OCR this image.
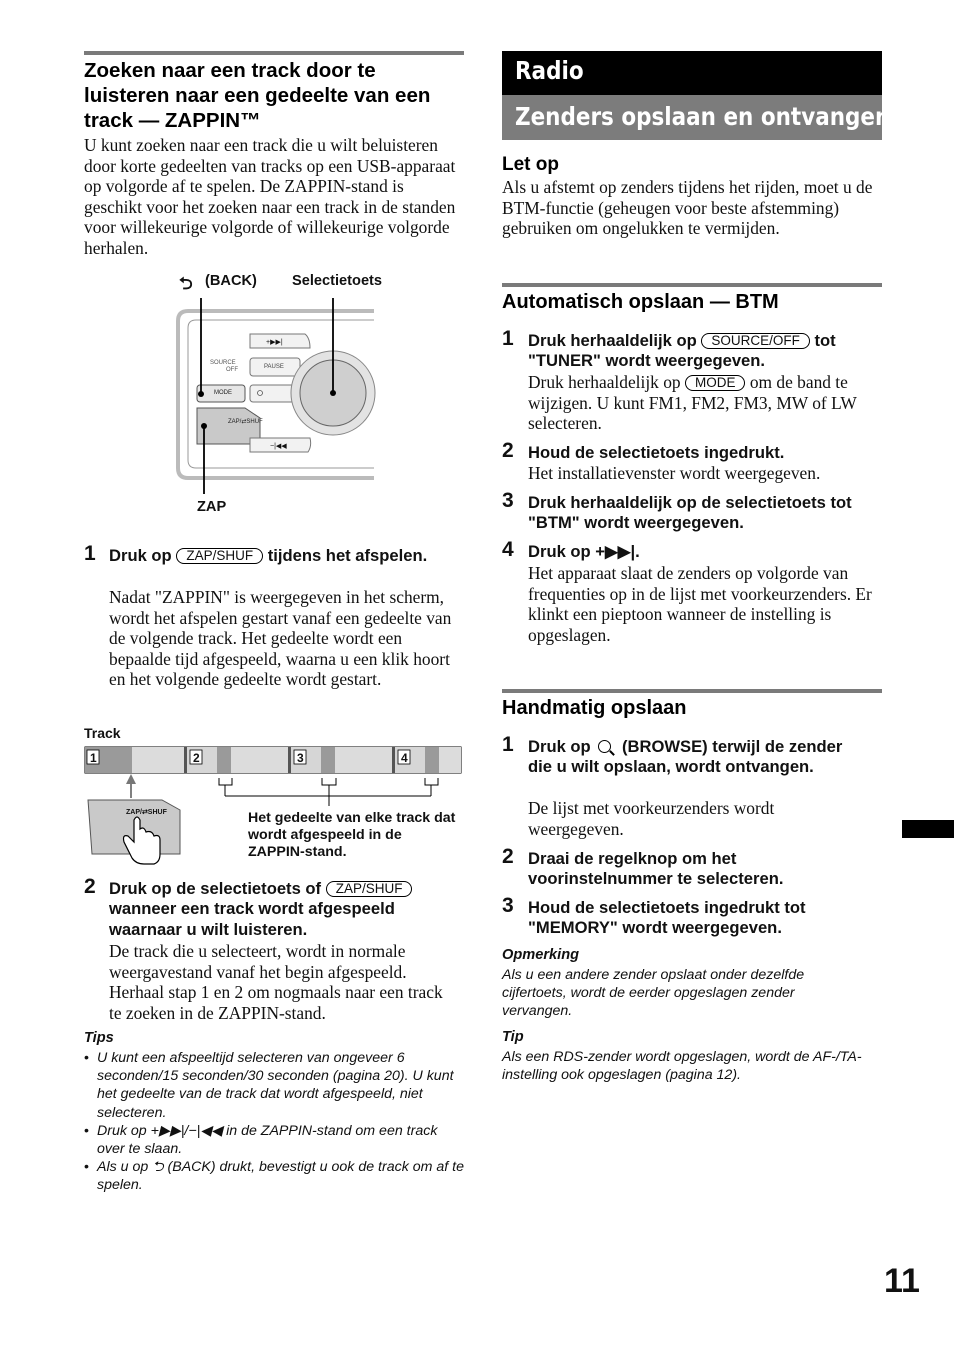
Zoeken naar een track door te luisteren naar een gedeelte van een track — ZAPPIN™

U kunt zoeken naar een track die u wilt beluisteren door korte gedeelten van tracks op een USB-apparaat op volgorde af te spelen. De ZAPPIN-stand is geschikt voor het zoeken naar een track in de standen voor willekeurige volgorde of willekeurige volgorde herhalen.

+▶▶|
SOURCE
OFF	PAUSE
MODE
ZAP/⇄SHUF
−|◀◀
⮌ (BACK) Selectietoets
ZAP
1 Druk op ZAP/SHUF tijdens het afspelen.

Nadat "ZAPPIN" is weergegeven in het scherm, wordt het afspelen gestart vanaf een gedeelte van de volgende track. Het gedeelte wordt een bepaalde tijd afgespeeld, waarna u een klik hoort en het volgende gedeelte wordt gestart.

Track
1	2	3	4
ZAP/⇄SHUF	Het gedeelte van elke track dat wordt afgespeeld in de ZAPPIN-stand.

2 Druk op de selectietoets of ZAP/SHUF wanneer een track wordt afgespeeld waarnaar u wilt luisteren.

De track die u selecteert, wordt in normale weergavestand vanaf het begin afgespeeld. Herhaal stap 1 en 2 om nogmaals naar een track te zoeken in de ZAPPIN-stand.

Tips
• U kunt een afspeeltijd selecteren van ongeveer 6 seconden/15 seconden/30 seconden (pagina 20). U kunt het gedeelte van de track dat wordt afgespeeld, niet selecteren.
• Druk op +▶▶|/−|◀◀ in de ZAPPIN-stand om een track over te slaan.
• Als u op ⮌ (BACK) drukt, bevestigt u ook de track om af te spelen.
Radio
Zenders opslaan en ontvangen
Let op

Als u afstemt op zenders tijdens het rijden, moet u de BTM-functie (geheugen voor beste afstemming) gebruiken om ongelukken te vermijden.

Automatisch opslaan — BTM
1 Druk herhaaldelijk op SOURCE/OFF tot "TUNER" wordt weergegeven.

Druk herhaaldelijk op MODE om de band te wijzigen. U kunt FM1, FM2, FM3, MW of LW selecteren.

2 Houd de selectietoets ingedrukt.

Het installatievenster wordt weergegeven.

3 Druk herhaaldelijk op de selectietoets tot "BTM" wordt weergegeven.

4 Druk op +▶▶|.

Het apparaat slaat de zenders op volgorde van frequenties op in de lijst met voorkeurzenders. Er klinkt een pieptoon wanneer de instelling is opgeslagen.

Handmatig opslaan
1 Druk op (BROWSE) terwijl de zender die u wilt opslaan, wordt ontvangen.

De lijst met voorkeurzenders wordt weergegeven.

2 Draai de regelknop om het voorinstelnummer te selecteren.

3 Houd de selectietoets ingedrukt tot "MEMORY" wordt weergegeven.

Opmerking

Als u een andere zender opslaat onder dezelfde cijfertoets, wordt de eerder opgeslagen zender vervangen.

Tip

Als een RDS-zender wordt opgeslagen, wordt de AF-/TA-instelling ook opgeslagen (pagina 12).

11
